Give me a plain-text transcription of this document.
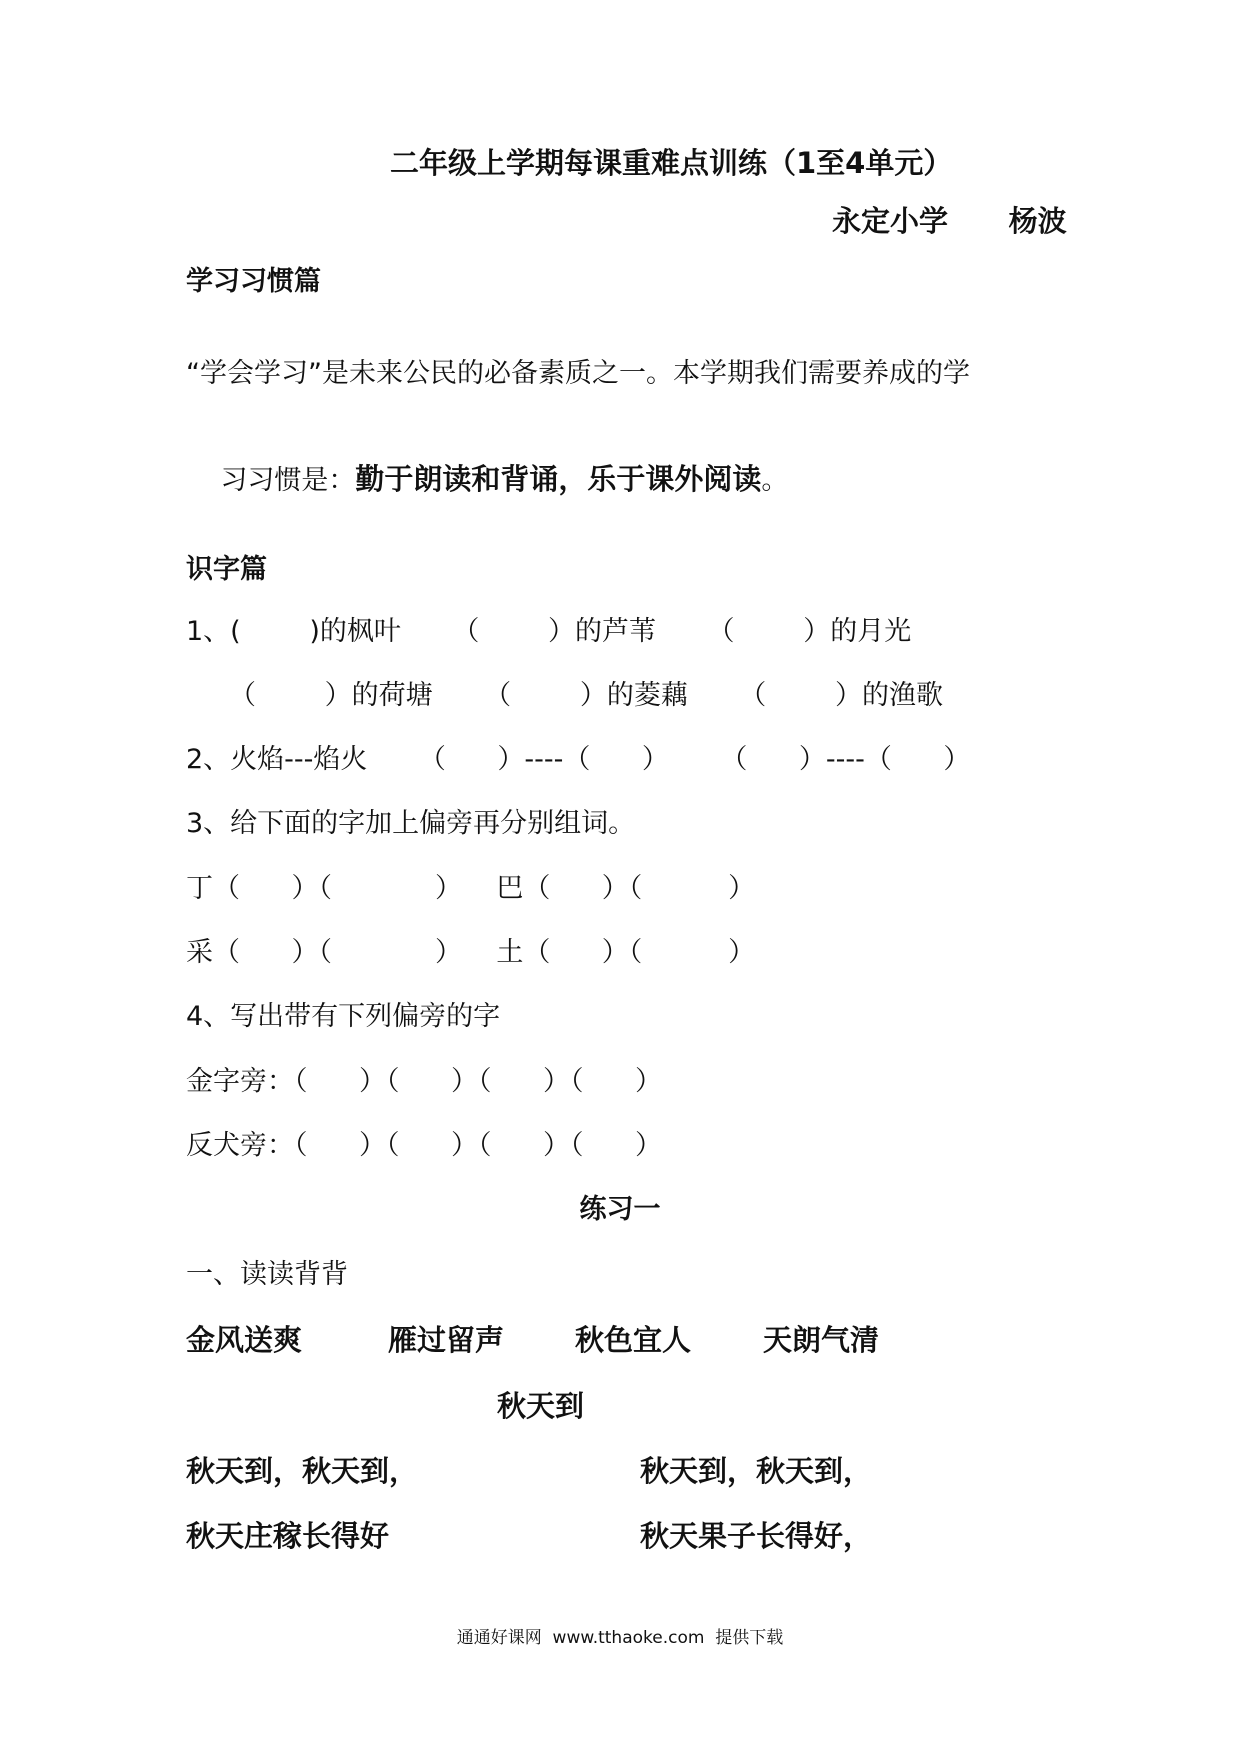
二年级上学期每课重难点训练（1至4单元）
永定小学      杨波
学习习惯篇
“学会学习”是未来公民的必备素质之一。本学期我们需要养成的学

习习惯是：勤于朗读和背诵，乐于课外阅读。

识字篇
1、(        )的枫叶      （        ）的芦苇      （        ）的月光
（        ）的荷塘      （        ）的菱藕      （        ）的渔歌
2、火焰---焰火      （      ）----（      ）      （      ）----（      ）
3、给下面的字加上偏旁再分别组词。
丁（      ）（            ）    巴（      ）（          ）
采（      ）（            ）    土（      ）（          ）
4、写出带有下列偏旁的字
金字旁：（      ）（      ）（      ）（      ）
反犬旁：（      ）（      ）（      ）（      ）
练习一
一、读读背背
金风送爽	雁过留声 秋色宜人 天朗气清
秋天到
秋天到，秋天到，	秋天到，秋天到，
秋天庄稼长得好	秋天果子长得好，
通通好课网  www.tthaoke.com  提供下载
